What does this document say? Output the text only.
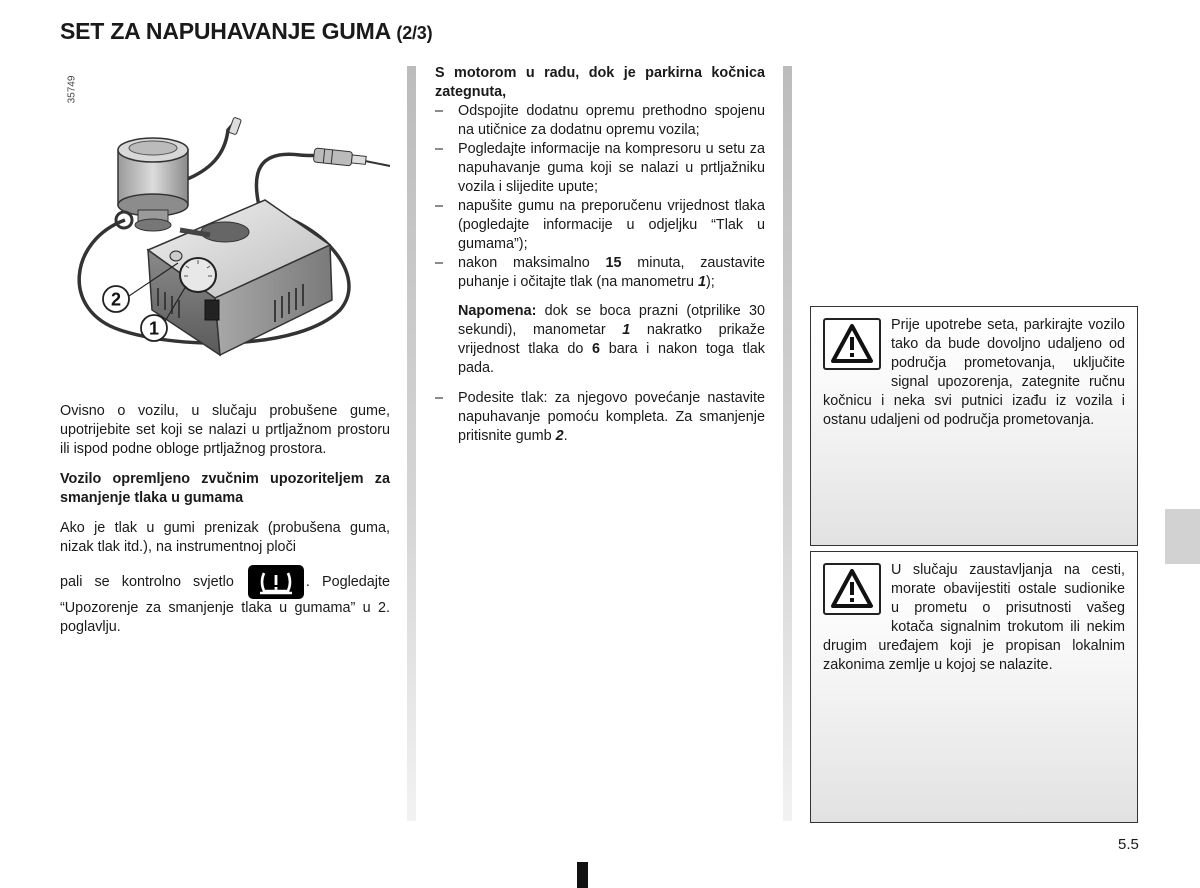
SET ZA NAPUHAVANJE GUMA (2/3)
35749
2
1

Ovisno o vozilu, u slučaju probušene gume, upotrijebite set koji se nalazi u prtljažnom prostoru ili ispod podne obloge prtljažnog prostora.

Vozilo opremljeno zvučnim upozoriteljem za smanjenje tlaka u gumama

Ako je tlak u gumi prenizak (probušena guma, nizak tlak itd.), na instrumentnoj ploči

pali se kontrolno svjetlo	. Pogledajte “Upozorenje za smanjenje tlaka u gumama” u 2. poglavlju.

S motorom u radu, dok je parkirna kočnica zategnuta,

–	Odspojite dodatnu opremu prethodno spojenu na utičnice za dodatnu opremu vozila;
–	Pogledajte informacije na kompresoru u setu za napuhavanje guma koji se nalazi u prtljažniku vozila i slijedite upute;
–	napušite gumu na preporučenu vrijednost tlaka (pogledajte informacije u odjeljku “Tlak u gumama”);
–	nakon maksimalno 15 minuta, zaustavite puhanje i očitajte tlak (na manometru 1);

Napomena: dok se boca prazni (otprilike 30 sekundi), manometar 1 nakratko prikaže vrijednost tlaka do 6 bara i nakon toga tlak pada.

–	Podesite tlak: za njegovo povećanje nastavite napuhavanje pomoću kompleta. Za smanjenje pritisnite gumb 2.

Prije upotrebe seta, parkirajte vozilo tako da bude dovoljno udaljeno od područja prometovanja, uključite signal upozorenja, zategnite ručnu kočnicu i neka svi putnici izađu iz vozila i ostanu udaljeni od područja prometovanja.

U slučaju zaustavljanja na cesti, morate obavijestiti ostale sudionike u prometu o prisutnosti vašeg kotača signalnim trokutom ili nekim drugim uređajem koji je propisan lokalnim zakonima zemlje u kojoj se nalazite.

5.5
